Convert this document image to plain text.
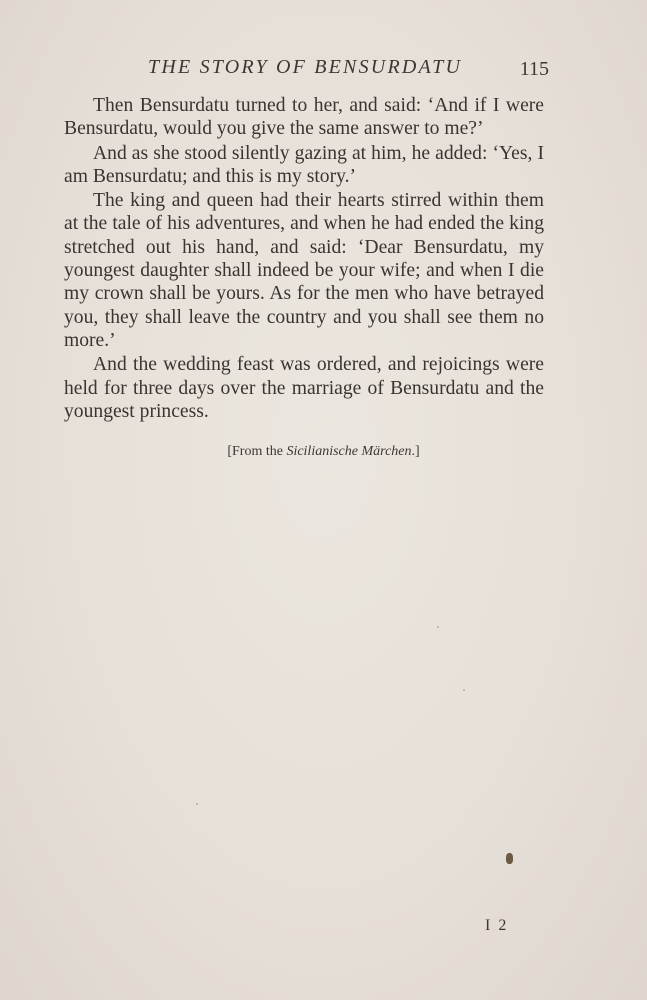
THE STORY OF BENSURDATU	115

Then Bensurdatu turned to her, and said: ‘And if I were Bensurdatu, would you give the same answer to me?’

And as she stood silently gazing at him, he added: ‘Yes, I am Bensurdatu; and this is my story.’

The king and queen had their hearts stirred within them at the tale of his adventures, and when he had ended the king stretched out his hand, and said: ‘Dear Bensurdatu, my youngest daughter shall indeed be your wife; and when I die my crown shall be yours. As for the men who have betrayed you, they shall leave the country and you shall see them no more.’

And the wedding feast was ordered, and rejoicings were held for three days over the marriage of Bensurdatu and the youngest princess.

[From the Sicilianische Märchen.]
I 2
